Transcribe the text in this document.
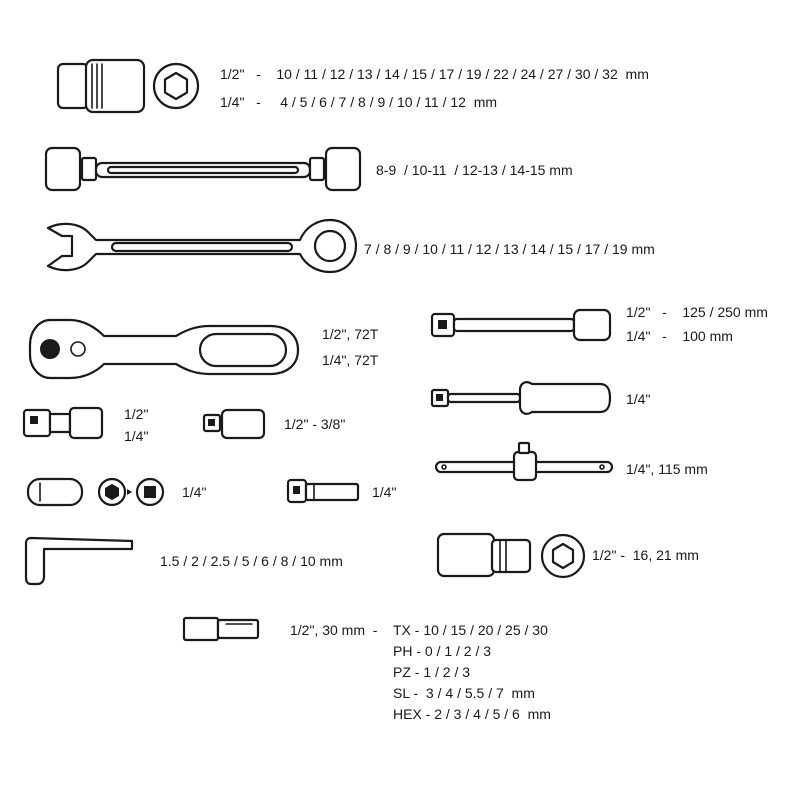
1/2"   -    10 / 11 / 12 / 13 / 14 / 15 / 17 / 19 / 22 / 24 / 27 / 30 / 32  mm
1/4"   -     4 / 5 / 6 / 7 / 8 / 9 / 10 / 11 / 12  mm
8-9  / 10-11  / 12-13 / 14-15 mm
7 / 8 / 9 / 10 / 11 / 12 / 13 / 14 / 15 / 17 / 19 mm
1/2", 72T
1/4", 72T
1/2"   -    125 / 250 mm
1/4"   -    100 mm
1/4"
1/2"
1/4"
1/2" - 3/8"
1/4", 115 mm
1/4"	1/4"
1.5 / 2 / 2.5 / 5 / 6 / 8 / 10 mm	1/2" -  16, 21 mm
1/2", 30 mm  - TX - 10 / 15 / 20 / 25 / 30
PH - 0 / 1 / 2 / 3
PZ - 1 / 2 / 3
SL -  3 / 4 / 5.5 / 7  mm
HEX - 2 / 3 / 4 / 5 / 6  mm
